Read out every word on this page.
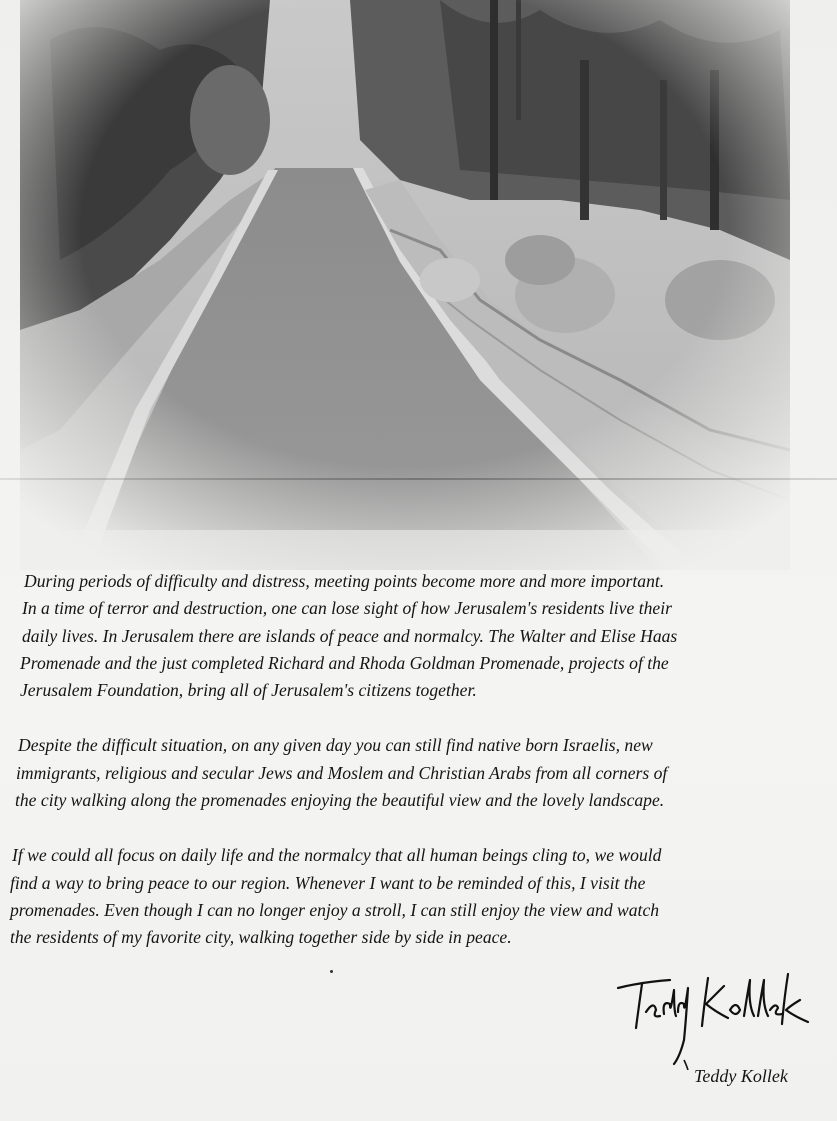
During periods of difficulty and distress, meeting points become more and more important.
In a time of terror and destruction, one can lose sight of how Jerusalem's residents live their
daily lives. In Jerusalem there are islands of peace and normalcy. The Walter and Elise Haas
Promenade and the just completed Richard and Rhoda Goldman Promenade, projects of the
Jerusalem Foundation, bring all of Jerusalem's citizens together.
Despite the difficult situation, on any given day you can still find native born Israelis, new
immigrants, religious and secular Jews and Moslem and Christian Arabs from all corners of
the city walking along the promenades enjoying the beautiful view and the lovely landscape.
If we could all focus on daily life and the normalcy that all human beings cling to, we would
find a way to bring peace to our region. Whenever I want to be reminded of this, I visit the
promenades. Even though I can no longer enjoy a stroll, I can still enjoy the view and watch
the residents of my favorite city, walking together side by side in peace.
Teddy Kollek
